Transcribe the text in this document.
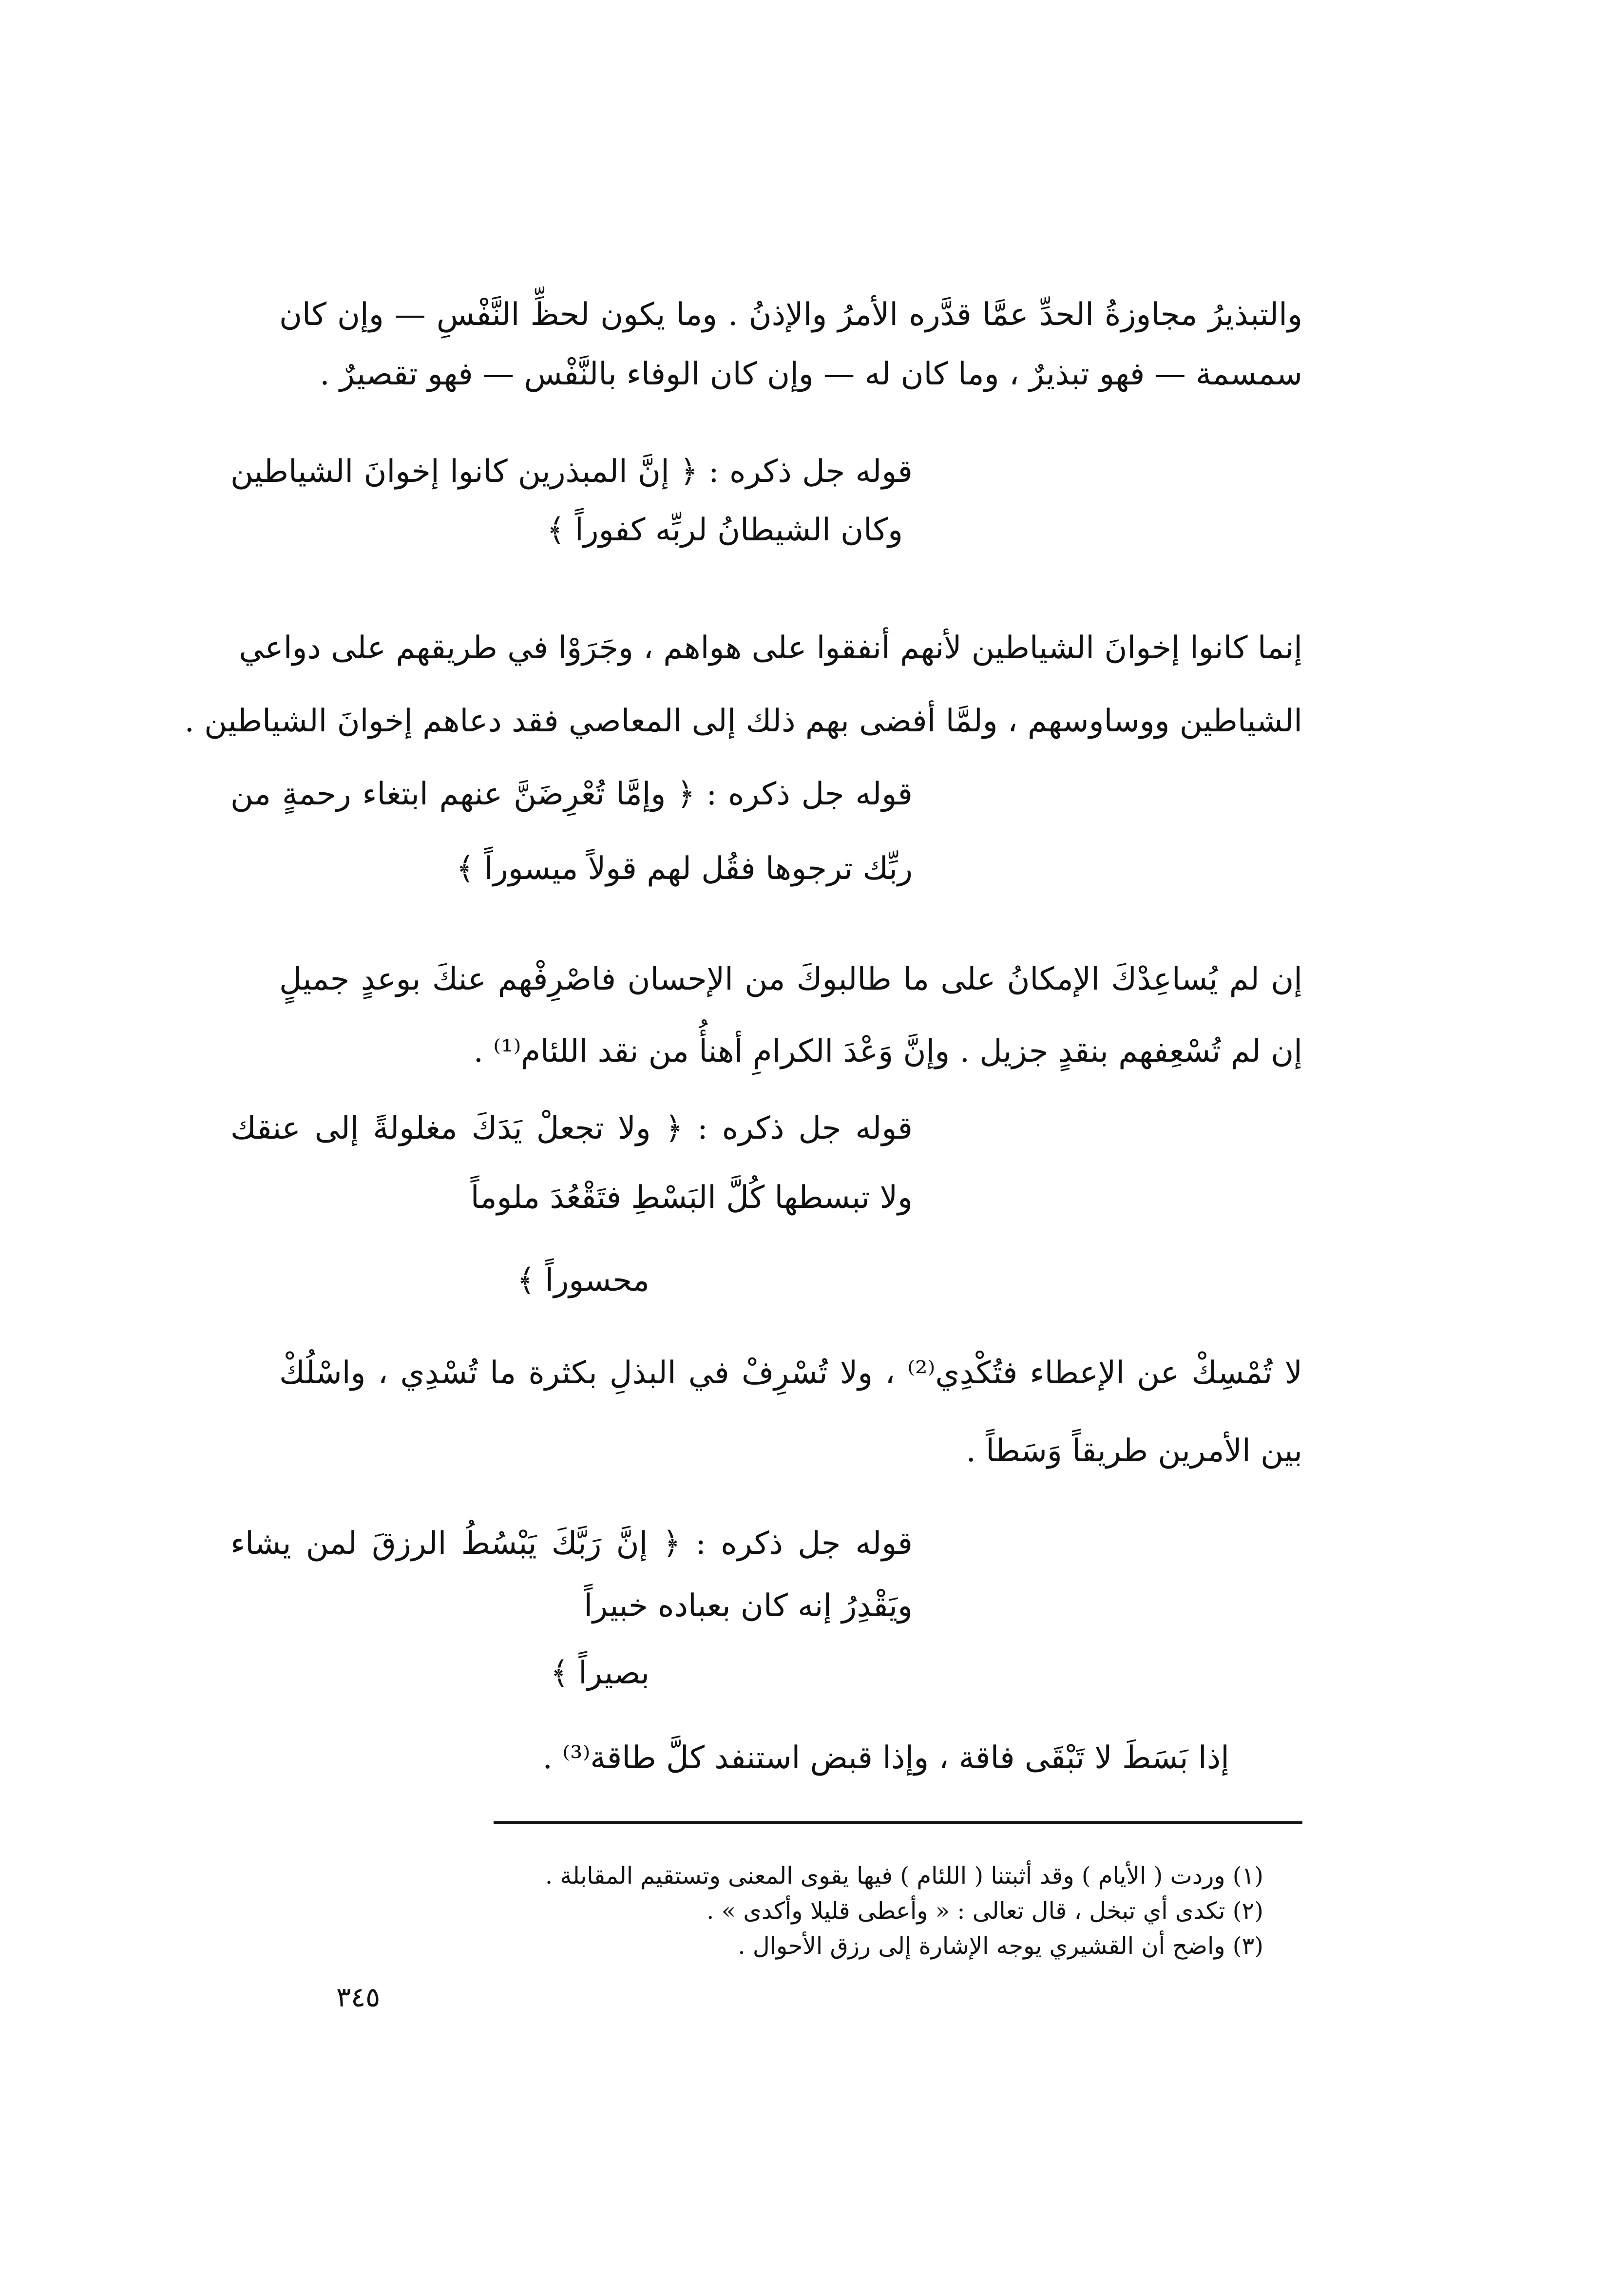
والتبذيرُ مجاوزةُ الحدِّ عمَّا قدَّره الأمرُ والإذنُ . وما يكون لحظِّ النَّفْسِ — وإن كان

سمسمة — فهو تبذيرٌ ، وما كان له — وإن كان الوفاء بالنَّفْس — فهو تقصيرٌ .

قوله جل ذكره : ﴿ إنَّ المبذرين كانوا إخوانَ الشياطين

وكان الشيطانُ لربِّه كفوراً ﴾

إنما كانوا إخوانَ الشياطين لأنهم أنفقوا على هواهم ، وجَرَوْا في طريقهم على دواعي

الشياطين ووساوسهم ، ولمَّا أفضى بهم ذلك إلى المعاصي فقد دعاهم إخوانَ الشياطين .

قوله جل ذكره : ﴿ وإمَّا تُعْرِضَنَّ عنهم ابتغاء رحمةٍ من

ربِّك ترجوها فقُل لهم قولاً ميسوراً ﴾

إن لم يُساعِدْكَ الإمكانُ على ما طالبوكَ من الإحسان فاصْرِفْهم عنكَ بوعدٍ جميلٍ

إن لم تُسْعِفهم بنقدٍ جزيل . وإنَّ وَعْدَ الكرامِ أهنأُ من نقد اللئام⁽¹⁾ .

قوله جل ذكره : ﴿ ولا تجعلْ يَدَكَ مغلولةً إلى عنقك

ولا تبسطها كُلَّ البَسْطِ فتَقْعُدَ ملوماً

محسوراً ﴾

لا تُمْسِكْ عن الإعطاء فتُكْدِي⁽²⁾ ، ولا تُسْرِفْ في البذلِ بكثرة ما تُسْدِي ، واسْلُكْ

بين الأمرين طريقاً وَسَطاً .

قوله جل ذكره : ﴿ إنَّ رَبَّكَ يَبْسُطُ الرزقَ لمن يشاء

ويَقْدِرُ إنه كان بعباده خبيراً

بصيراً ﴾

إذا بَسَطَ لا تَبْقَى فاقة ، وإذا قبض استنفد كلَّ طاقة⁽³⁾ .

(١) وردت ( الأيام ) وقد أثبتنا ( اللئام ) فيها يقوى المعنى وتستقيم المقابلة .

(٢) تكدى أي تبخل ، قال تعالى : « وأعطى قليلا وأكدى » .

(٣) واضح أن القشيري يوجه الإشارة إلى رزق الأحوال .

٣٤٥
